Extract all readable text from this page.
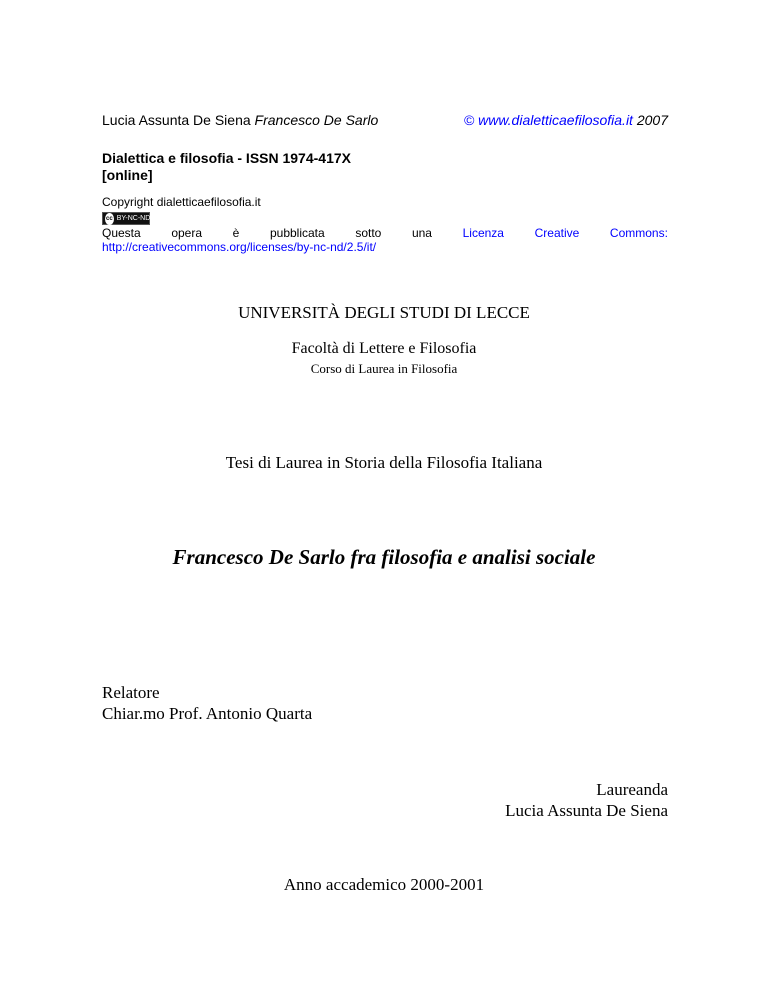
Lucia Assunta De Siena Francesco De Sarlo	© www.dialetticaefilosofia.it 2007
Dialettica e filosofia - ISSN 1974-417X
[online]
Copyright dialetticaefilosofia.it
cc BY-NC-ND
Questa	opera	è	pubblicata	sotto	una	Licenza	Creative	Commons:
http://creativecommons.org/licenses/by-nc-nd/2.5/it/
UNIVERSITÀ DEGLI STUDI DI LECCE
Facoltà di Lettere e Filosofia
Corso di Laurea in Filosofia
Tesi di Laurea in Storia della Filosofia Italiana
Francesco De Sarlo fra filosofia e analisi sociale
Relatore
Chiar.mo Prof. Antonio Quarta
Laureanda
Lucia Assunta De Siena
Anno accademico 2000-2001
